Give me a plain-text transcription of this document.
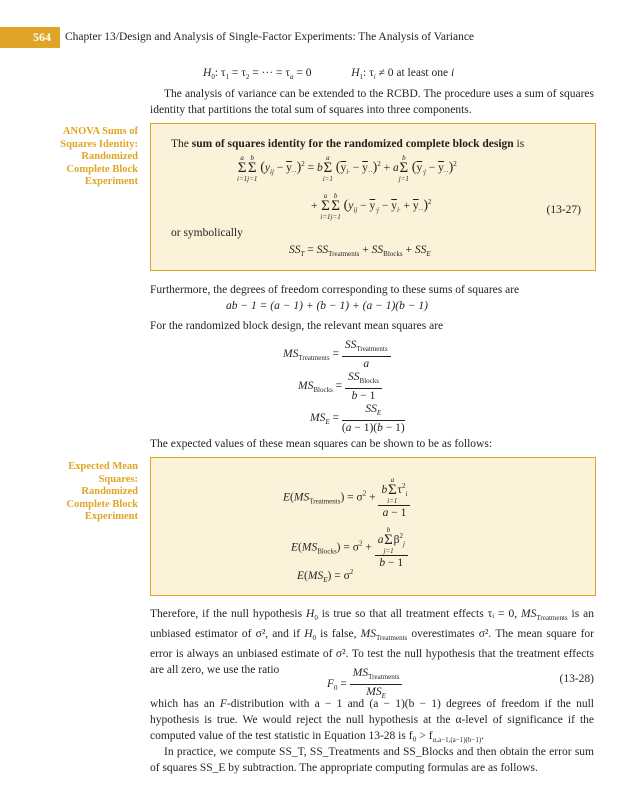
564	Chapter 13/Design and Analysis of Single-Factor Experiments: The Analysis of Variance
$H_0$: $\tau_1 = \tau_2$ = ··· = $\tau_a = 0$	$H_1$: $\tau_i \ne 0$ at least one i
The analysis of variance can be extended to the RCBD. The procedure uses a sum of squares identity that partitions the total sum of squares into three components.
ANOVA Sums of Squares Identity: Randomized Complete Block Experiment
Expected Mean Squares: Randomized Complete Block Experiment
The sum of squares identity for the randomized complete block design is
a
Σ
i=1
b
Σ
j=1
$(y_{ij} - \overline{y}_{\cdot\cdot})^2 = b$
a
Σ
i=1
$(\overline{y}_{i\cdot} - \overline{y}_{\cdot\cdot})^2 + a$
b
Σ
j=1
$(\overline{y}_{\cdot j} - \overline{y}_{\cdot\cdot})^2$
+
a
Σ
i=1
b
Σ
j=1
$(y_{ij} - \overline{y}_{\cdot j} - \overline{y}_{i\cdot} + \overline{y}_{\cdot\cdot})^2$
(13-27)
or symbolically
$SS_T = SS_{Treatments} + SS_{Blocks} + SS_E$
Furthermore, the degrees of freedom corresponding to these sums of squares are
ab − 1 = (a − 1) + (b − 1) + (a − 1)(b − 1)
For the randomized block design, the relevant mean squares are
$MS_{Treatments} = \frac{SS_{Treatments}}{a}$

$MS_{Blocks} = \frac{SS_{Blocks}}{b - 1}$
$MS_E = \frac{SS_E}{(a - 1)(b - 1)}$
The expected values of these mean squares can be shown to be as follows:
$E(MS_{Treatments}) = \sigma^2 + b$
a
Σ
i=1
$\tau^2_i$
a − 1
$E(MS_{Blocks}) = \sigma^2 + a$
b
Σ
j=1
$\beta^2_j$
b − 1
$E(MS_E) = \sigma^2$
Therefore, if the null hypothesis $H_0$ is true so that all treatment effects τᵢ = 0, $MS_{Treatments}$ is an unbiased estimator of σ², and if $H_0$ is false, $MS_{Treatments}$ overestimates σ². The mean square for error is always an unbiased estimate of σ². To test the null hypothesis that the treatment effects are all zero, we use the ratio
$F_0 = \frac{MS_{Treatments}}{MS_E}$	(13-28)
which has an F-distribution with a − 1 and (a − 1)(b − 1) degrees of freedom if the null hypothesis is true. We would reject the null hypothesis at the α-level of significance if the computed value of the test statistic in Equation 13-28 is $f_0 > f_{\alpha,a-1,(a-1)(b-1)}$.
In practice, we compute SS_T, SS_Treatments and SS_Blocks and then obtain the error sum of squares SS_E by subtraction. The appropriate computing formulas are as follows.
